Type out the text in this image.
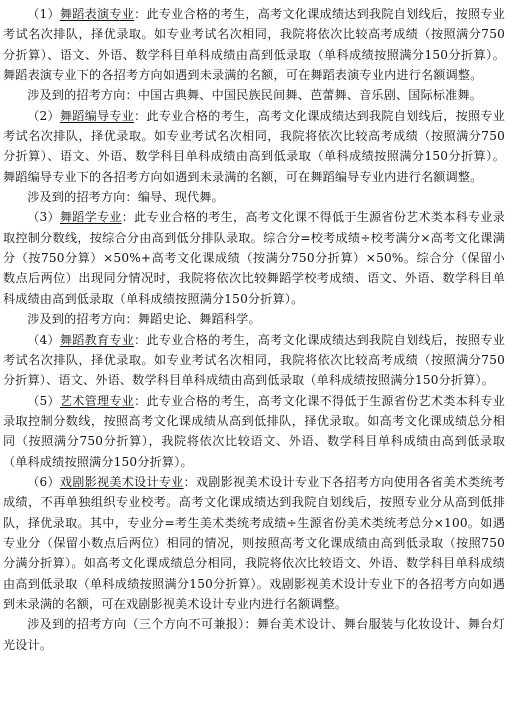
（1）舞蹈表演专业：此专业合格的考生，高考文化课成绩达到我院自划线后，按照专业考试名次排队，择优录取。如专业考试名次相同，我院将依次比较高考成绩（按照满分750分折算）、语文、外语、数学科目单科成绩由高到低录取（单科成绩按照满分150分折算）。舞蹈表演专业下的各招考方向如遇到未录满的名额，可在舞蹈表演专业内进行名额调整。

涉及到的招考方向：中国古典舞、中国民族民间舞、芭蕾舞、音乐剧、国际标准舞。

（2）舞蹈编导专业：此专业合格的考生，高考文化课成绩达到我院自划线后，按照专业考试名次排队，择优录取。如专业考试名次相同，我院将依次比较高考成绩（按照满分750分折算）、语文、外语、数学科目单科成绩由高到低录取（单科成绩按照满分150分折算）。舞蹈编导专业下的各招考方向如遇到未录满的名额，可在舞蹈编导专业内进行名额调整。

涉及到的招考方向：编导、现代舞。

（3）舞蹈学专业：此专业合格的考生，高考文化课不得低于生源省份艺术类本科专业录取控制分数线，按综合分由高到低分排队录取。综合分=校考成绩÷校考满分×高考文化课满分（按750分算）×50%+高考文化课成绩（按满分750分折算）×50%。综合分（保留小数点后两位）出现同分情况时，我院将依次比较舞蹈学校考成绩、语文、外语、数学科目单科成绩由高到低录取（单科成绩按照满分150分折算）。

涉及到的招考方向：舞蹈史论、舞蹈科学。

（4）舞蹈教育专业：此专业合格的考生，高考文化课成绩达到我院自划线后，按照专业考试名次排队，择优录取。如专业考试名次相同，我院将依次比较高考成绩（按照满分750分折算）、语文、外语、数学科目单科成绩由高到低录取（单科成绩按照满分150分折算）。

（5）艺术管理专业：此专业合格的考生，高考文化课不得低于生源省份艺术类本科专业录取控制分数线，按照高考文化课成绩从高到低排队，择优录取。如高考文化课成绩总分相同（按照满分750分折算），我院将依次比较语文、外语、数学科目单科成绩由高到低录取（单科成绩按照满分150分折算）。

（6）戏剧影视美术设计专业：戏剧影视美术设计专业下各招考方向使用各省美术类统考成绩，不再单独组织专业校考。高考文化课成绩达到我院自划线后，按照专业分从高到低排队，择优录取。其中，专业分=考生美术类统考成绩÷生源省份美术类统考总分×100。如遇专业分（保留小数点后两位）相同的情况，则按照高考文化课成绩由高到低录取（按照750分满分折算）。如高考文化课成绩总分相同，我院将依次比较语文、外语、数学科目单科成绩由高到低录取（单科成绩按照满分150分折算）。戏剧影视美术设计专业下的各招考方向如遇到未录满的名额，可在戏剧影视美术设计专业内进行名额调整。

涉及到的招考方向（三个方向不可兼报）：舞台美术设计、舞台服装与化妆设计、舞台灯光设计。
